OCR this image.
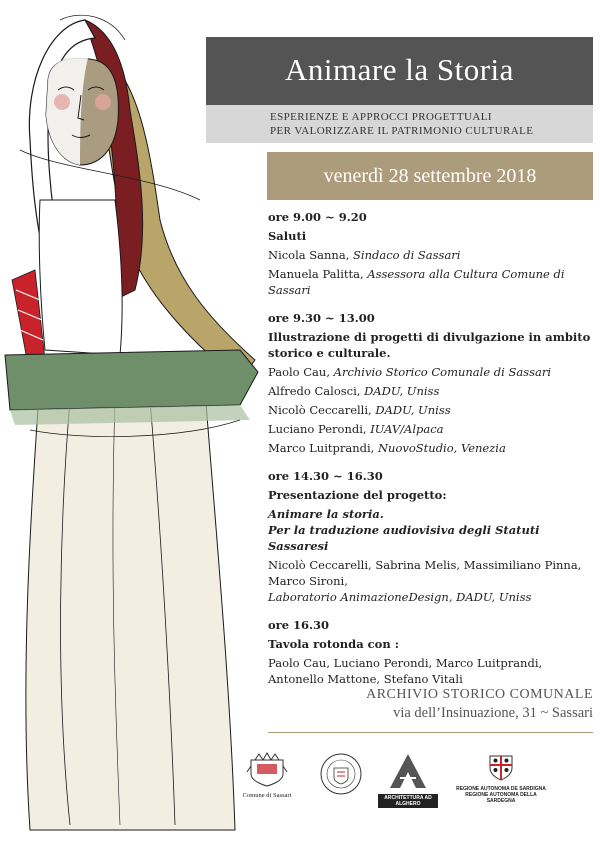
Animare la Storia
ESPERIENZE E APPROCCI PROGETTUALI
PER VALORIZZARE IL PATRIMONIO CULTURALE
venerdì 28 settembre 2018
ore 9.00 ~ 9.20
Saluti
Nicola Sanna, Sindaco di Sassari
Manuela Palitta, Assessora alla Cultura Comune di Sassari
ore 9.30 ~ 13.00
Illustrazione di progetti di divulgazione in ambito storico e culturale.
Paolo Cau, Archivio Storico Comunale di Sassari
Alfredo Calosci, DADU, Uniss
Nicolò Ceccarelli, DADU, Uniss
Luciano Perondi, IUAV/Alpaca
Marco Luitprandi, NuovoStudio, Venezia
ore 14.30 ~ 16.30
Presentazione del progetto:
Animare la storia.
Per la traduzione audiovisiva degli Statuti Sassaresi
Nicolò Ceccarelli, Sabrina Melis, Massimiliano Pinna, Marco Sironi,
Laboratorio AnimazioneDesign, DADU, Uniss
ore 16.30
Tavola rotonda con :
Paolo Cau, Luciano Perondi, Marco Luitprandi, Antonello Mattone, Stefano Vitali
ARCHIVIO STORICO COMUNALE
via dell’Insinuazione, 31 ~ Sassari
Comune di Sassari	ARCHITETTURA AD ALGHERO
REGIONE AUTONOMA DE SARDIGNA
REGIONE AUTONOMA DELLA SARDEGNA
